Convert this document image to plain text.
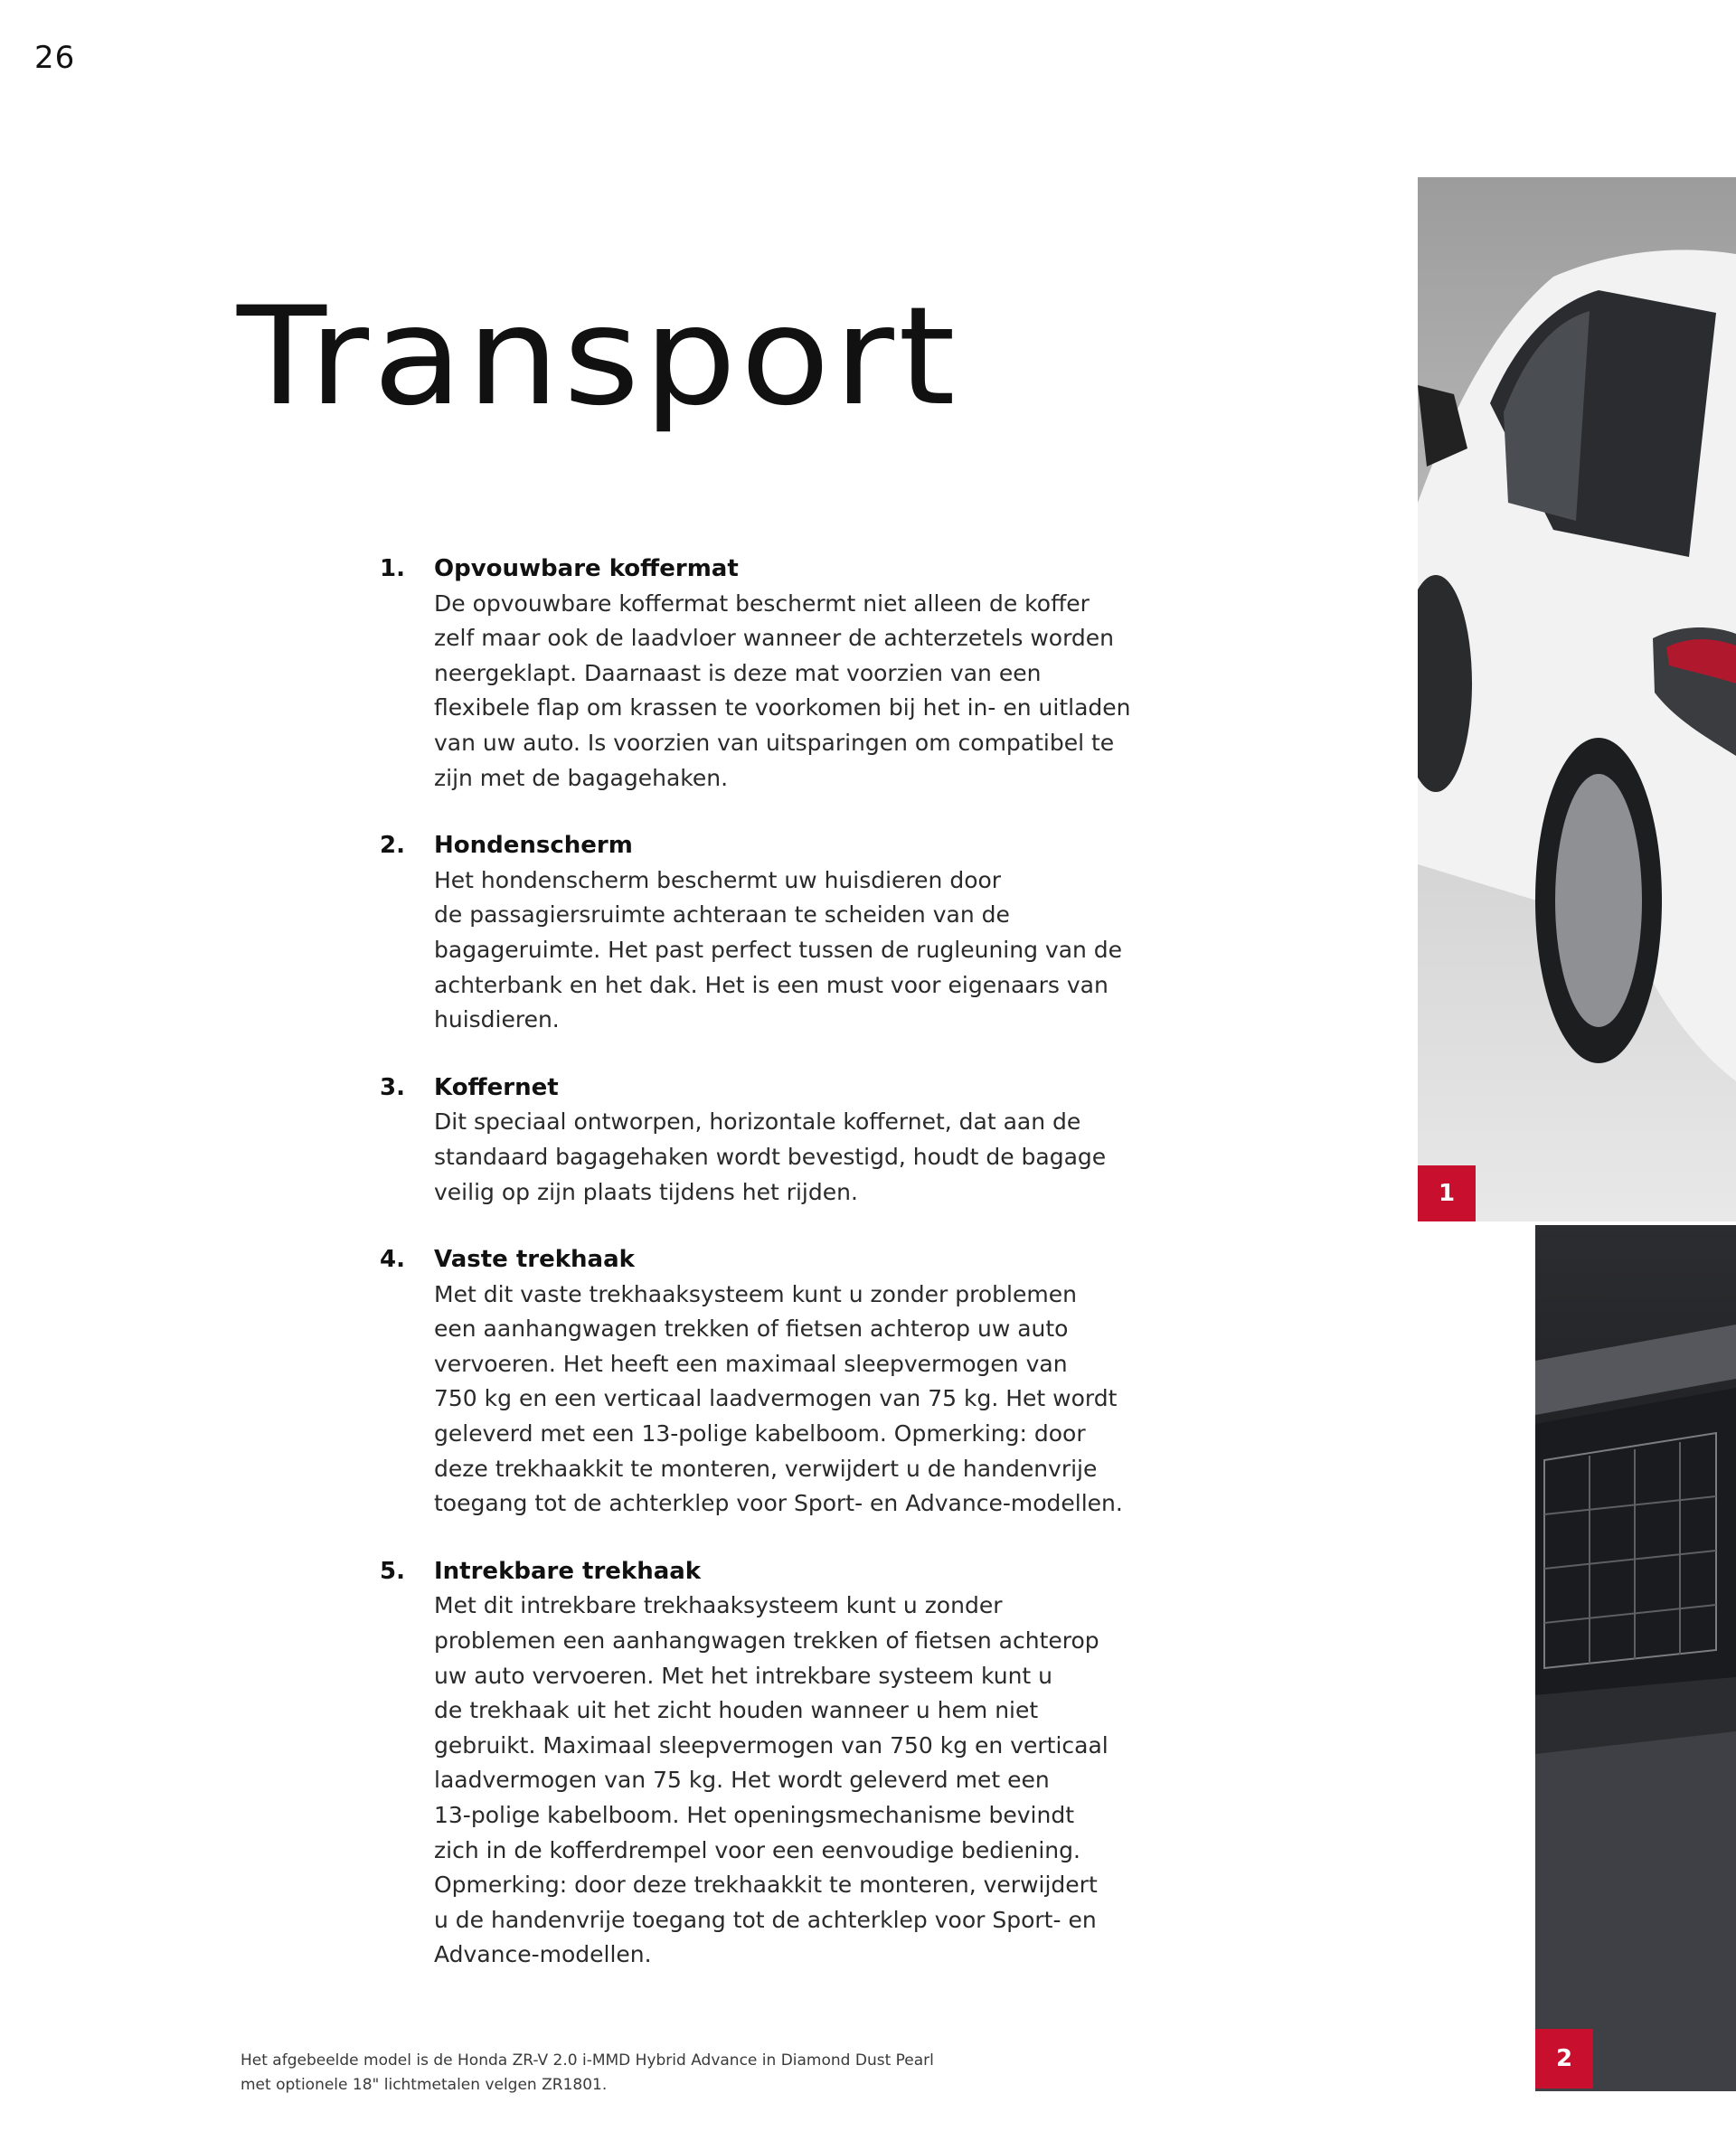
26
Transport
1. Opvouwbare koffermat
De opvouwbare koffermat beschermt niet alleen de koffer
zelf maar ook de laadvloer wanneer de achterzetels worden
neergeklapt. Daarnaast is deze mat voorzien van een
flexibele flap om krassen te voorkomen bij het in- en uitladen
van uw auto. Is voorzien van uitsparingen om compatibel te
zijn met de bagagehaken.
2. Hondenscherm
Het hondenscherm beschermt uw huisdieren door
de passagiersruimte achteraan te scheiden van de
bagageruimte. Het past perfect tussen de rugleuning van de
achterbank en het dak. Het is een must voor eigenaars van
huisdieren.
3. Koffernet
Dit speciaal ontworpen, horizontale koffernet, dat aan de
standaard bagagehaken wordt bevestigd, houdt de bagage
veilig op zijn plaats tijdens het rijden.
4. Vaste trekhaak
Met dit vaste trekhaaksysteem kunt u zonder problemen
een aanhangwagen trekken of fietsen achterop uw auto
vervoeren. Het heeft een maximaal sleepvermogen van
750 kg en een verticaal laadvermogen van 75 kg. Het wordt
geleverd met een 13-polige kabelboom. Opmerking: door
deze trekhaakkit te monteren, verwijdert u de handenvrije
toegang tot de achterklep voor Sport- en Advance-modellen.
5. Intrekbare trekhaak
Met dit intrekbare trekhaaksysteem kunt u zonder
problemen een aanhangwagen trekken of fietsen achterop
uw auto vervoeren. Met het intrekbare systeem kunt u
de trekhaak uit het zicht houden wanneer u hem niet
gebruikt. Maximaal sleepvermogen van 750 kg en verticaal
laadvermogen van 75 kg. Het wordt geleverd met een
13-polige kabelboom. Het openingsmechanisme bevindt
zich in de kofferdrempel voor een eenvoudige bediening.
Opmerking: door deze trekhaakkit te monteren, verwijdert
u de handenvrije toegang tot de achterklep voor Sport- en
Advance-modellen.
Het afgebeelde model is de Honda ZR-V 2.0 i-MMD Hybrid Advance in Diamond Dust Pearl
met optionele 18" lichtmetalen velgen ZR1801.
1
2
